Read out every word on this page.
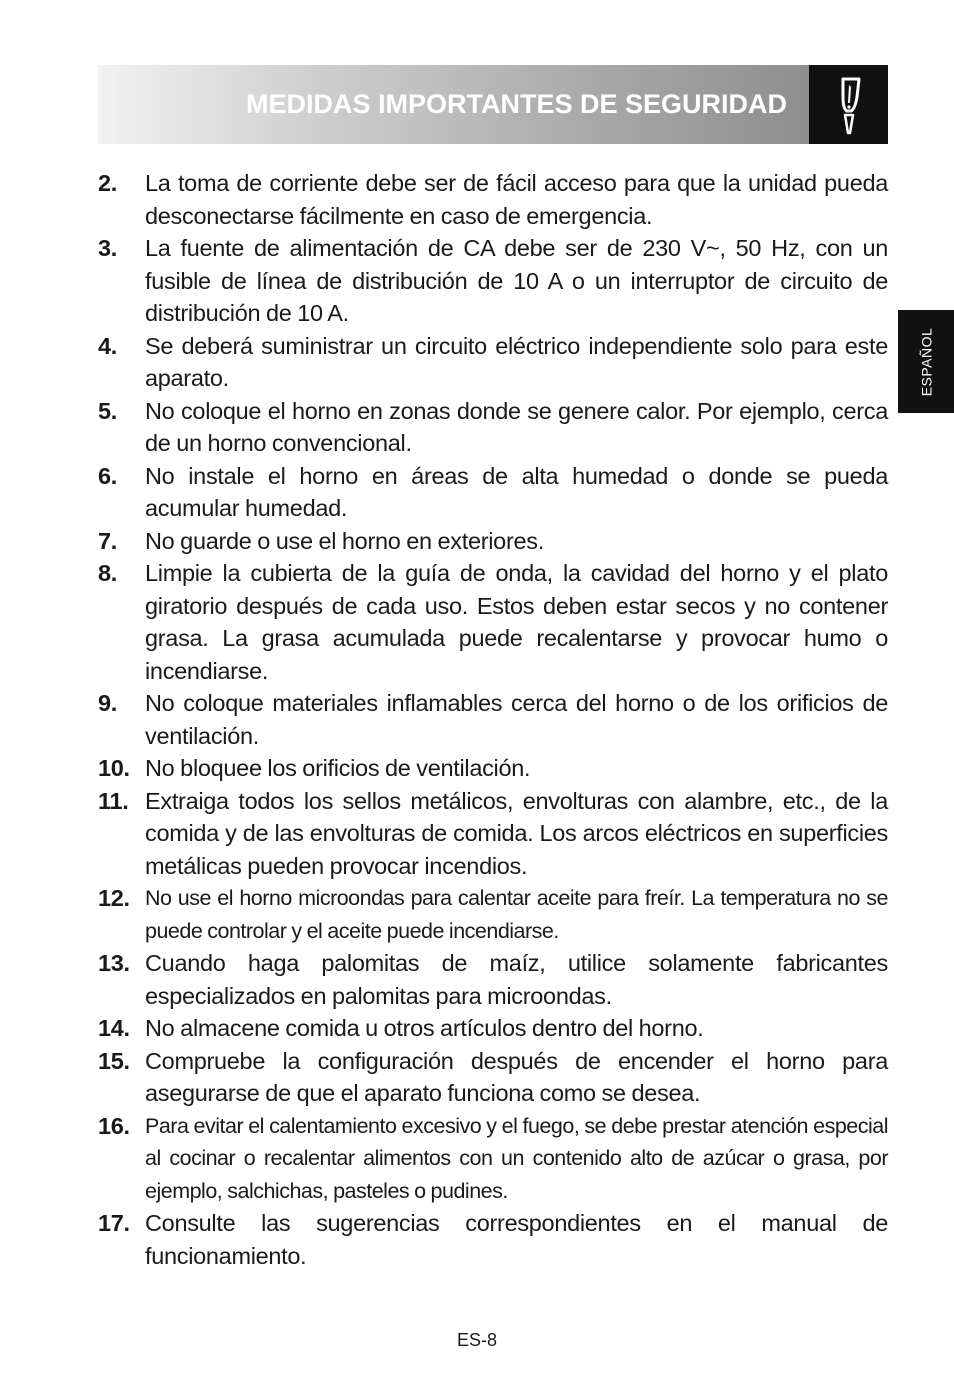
MEDIDAS IMPORTANTES DE SEGURIDAD
ESPAÑOL
2.	La toma de corriente debe ser de fácil acceso para que la unidad pueda desconectarse fácilmente en caso de emergencia.
3.	La fuente de alimentación de CA debe ser de 230 V~, 50 Hz, con un fusible de línea de distribución de 10 A o un interruptor de circuito de distribución de 10 A.
4.	Se deberá suministrar un circuito eléctrico independiente solo para este aparato.
5.	No coloque el horno en zonas donde se genere calor. Por ejemplo, cerca de un horno convencional.
6.	No instale el horno en áreas de alta humedad o donde se pueda acumular humedad.
7.	No guarde o use el horno en exteriores.
8.	Limpie la cubierta de la guía de onda, la cavidad del horno y el plato giratorio después de cada uso. Estos deben estar secos y no contener grasa. La grasa acumulada puede recalentarse y provocar humo o incendiarse.
9.	No coloque materiales inflamables cerca del horno o de los orificios de ventilación.
10. No bloquee los orificios de ventilación.
11. Extraiga todos los sellos metálicos, envolturas con alambre, etc., de la comida y de las envolturas de comida. Los arcos eléctricos en superficies metálicas pueden provocar incendios.
12. No use el horno microondas para calentar aceite para freír. La temperatura no se puede controlar y el aceite puede incendiarse.
13. Cuando haga palomitas de maíz, utilice solamente fabricantes especializados en palomitas para microondas.
14. No almacene comida u otros artículos dentro del horno.
15. Compruebe la configuración después de encender el horno para asegurarse de que el aparato funciona como se desea.
16. Para evitar el calentamiento excesivo y el fuego, se debe prestar atención especial al cocinar o recalentar alimentos con un contenido alto de azúcar o grasa, por ejemplo, salchichas, pasteles o pudines.
17. Consulte las sugerencias correspondientes en el manual de funcionamiento.
ES-8
